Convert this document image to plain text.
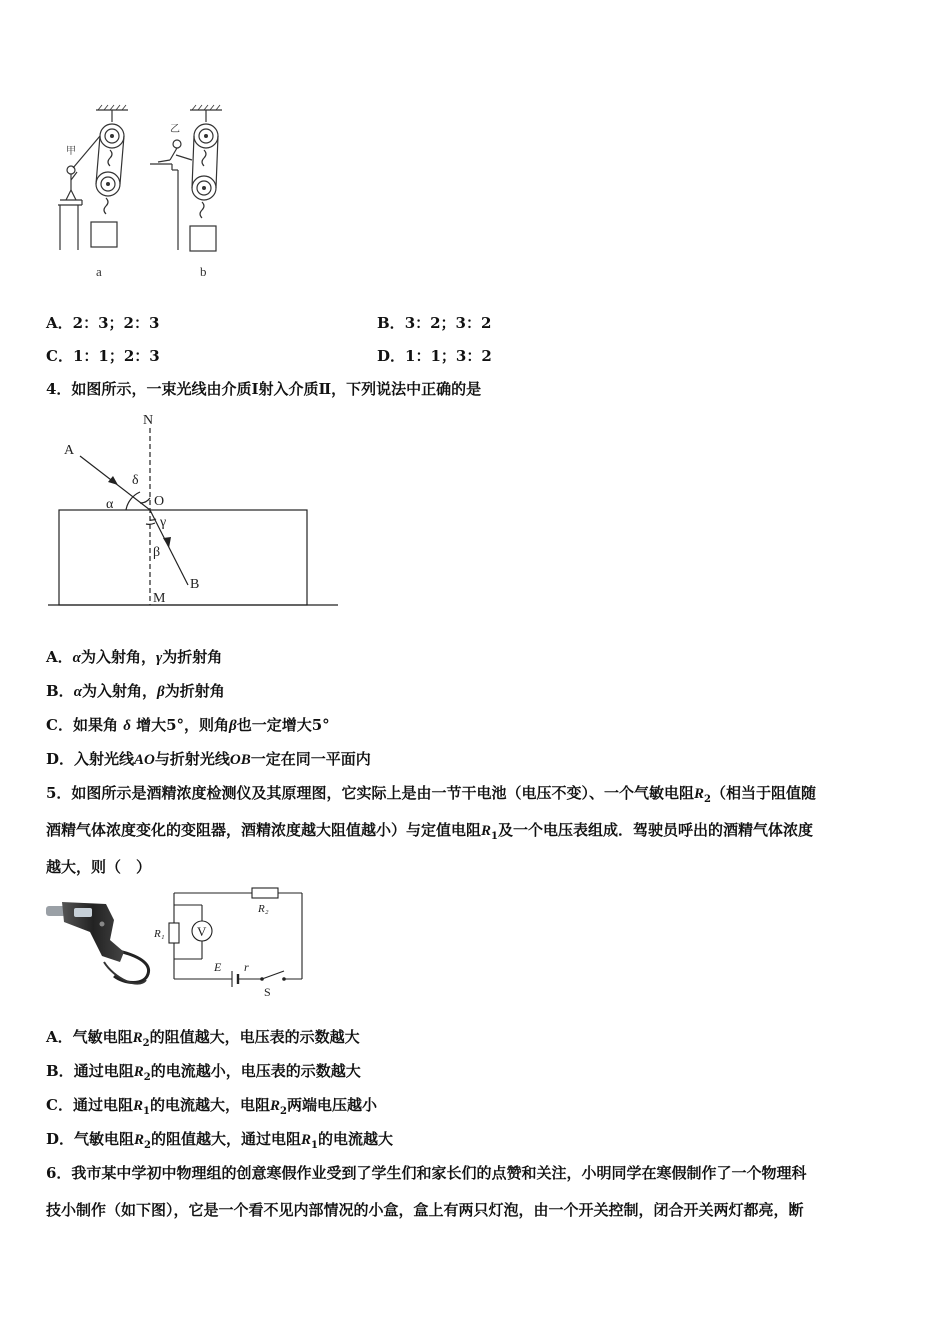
甲
乙
a	b
A．2：3；2：3	B．3：2；3：2
C．1：1；2：3	D．1：1；3：2
4．如图所示，一束光线由介质Ⅰ射入介质Ⅱ，下列说法中正确的是
N
A
δ
α	O
γ
β
B
M
A．α为入射角，γ为折射角
B．α为入射角，β为折射角
C．如果角 δ 增大5°，则角β也一定增大5°
D．入射光线AO与折射光线OB一定在同一平面内
5．如图所示是酒精浓度检测仪及其原理图，它实际上是由一节干电池（电压不变）、一个气敏电阻$R_2$（相当于阻值随
酒精气体浓度变化的变阻器，酒精浓度越大阻值越小）与定值电阻$R_1$及一个电压表组成．驾驶员呼出的酒精气体浓度
越大，则（　）
R₂
R₁ V
E r
S
A．气敏电阻$R_2$的阻值越大，电压表的示数越大
B．通过电阻$R_2$的电流越小，电压表的示数越大
C．通过电阻$R_1$的电流越大，电阻$R_2$两端电压越小
D．气敏电阻$R_2$的阻值越大，通过电阻$R_1$的电流越大
6．我市某中学初中物理组的创意寒假作业受到了学生们和家长们的点赞和关注，小明同学在寒假制作了一个物理科
技小制作（如下图），它是一个看不见内部情况的小盒，盒上有两只灯泡，由一个开关控制，闭合开关两灯都亮，断
